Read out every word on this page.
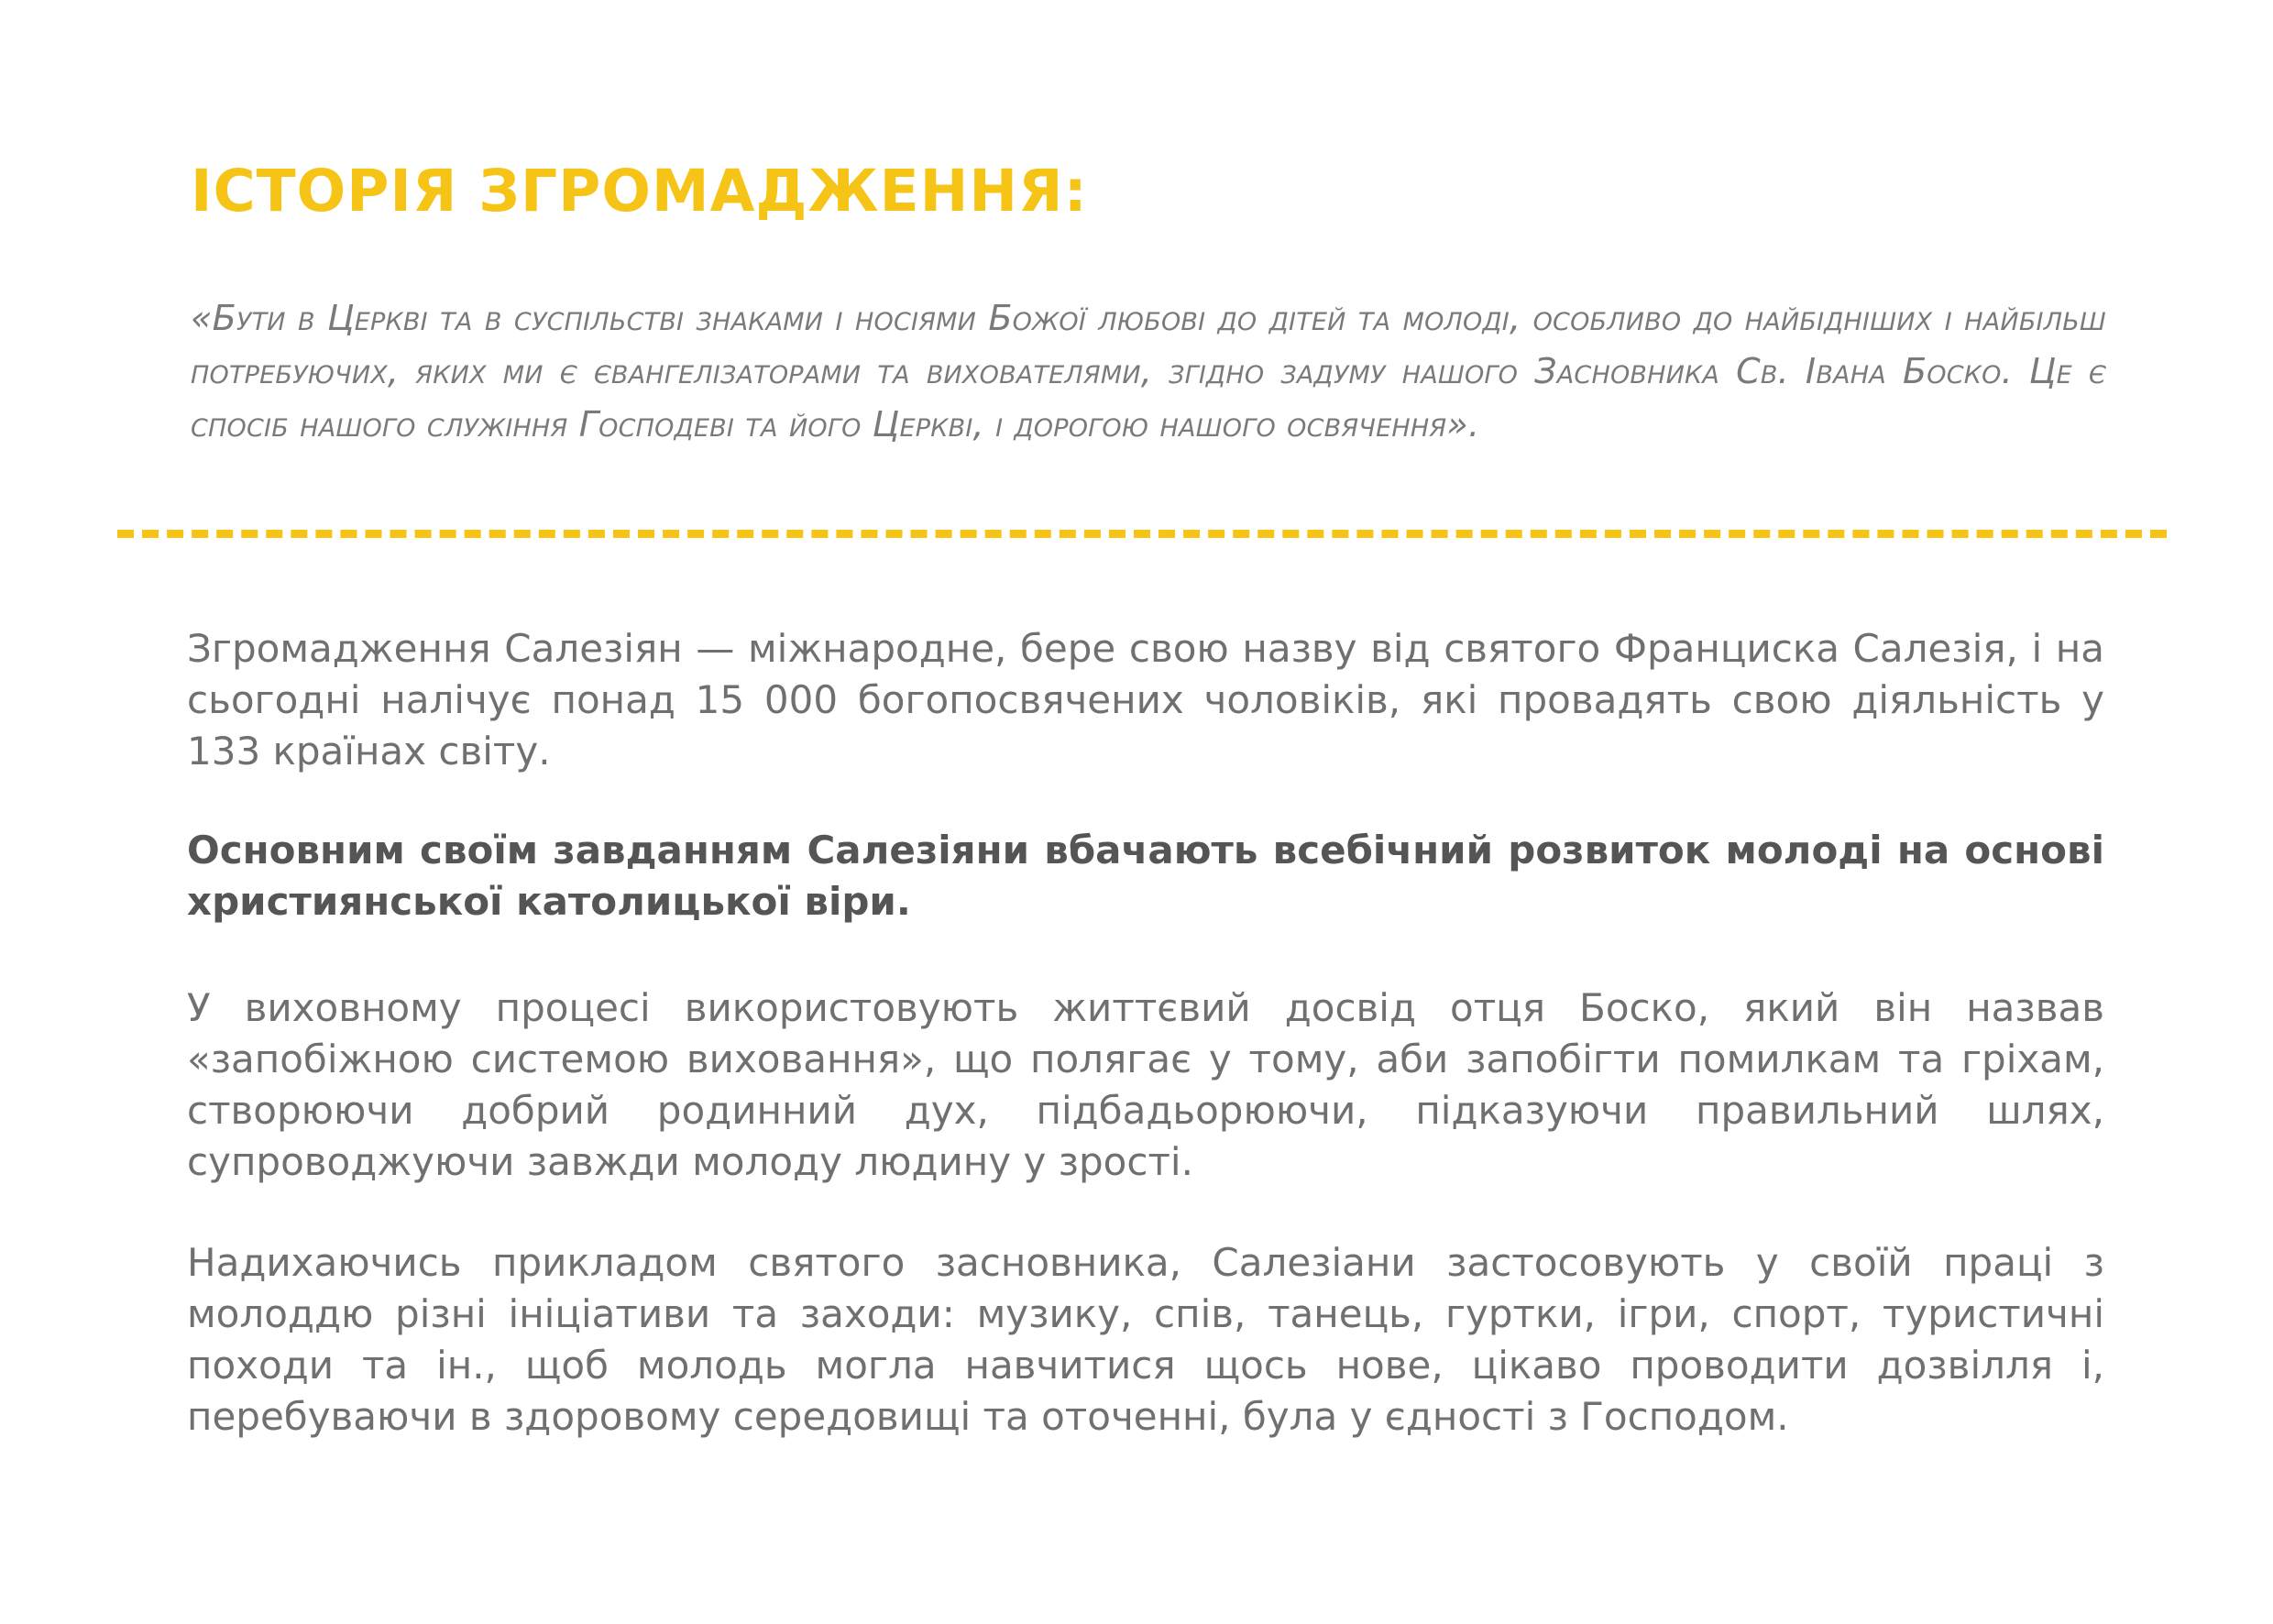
ІСТОРІЯ ЗГРОМАДЖЕННЯ:

«Бути в Церкві та в суспільстві знаками і носіями Божої любові до дітей та молоді, особливо до найбідніших і найбільш потребуючих, яких ми є євангелізаторами та вихователями, згідно задуму нашого Засновника Св. Івана Боско. Це є спосіб нашого служіння Господеві та його Церкві, і дорогою нашого освячення».

Згромадження Салезіян — міжнародне, бере свою назву від святого Франциска Салезія, і на сьогодні налічує понад 15 000 богопосвячених чоловіків, які провадять свою діяльність у 133 країнах світу.

Основним своїм завданням Салезіяни вбачають всебічний розвиток молоді на основі християнської католицької віри.

У виховному процесі використовують життєвий досвід отця Боско, який він назвав «запобіжною системою виховання», що полягає у тому, аби запобігти помилкам та гріхам, створюючи добрий родинний дух, підбадьорюючи, підказуючи правильний шлях, супроводжуючи завжди молоду людину у зрості.

Надихаючись прикладом святого засновника, Салезіани застосовують у своїй праці з молоддю різні ініціативи та заходи: музику, спів, танець, гуртки, ігри, спорт, туристичні походи та ін., щоб молодь могла навчитися щось нове, цікаво проводити дозвілля і, перебуваючи в здоровому середовищі та оточенні, була у єдності з Господом.
